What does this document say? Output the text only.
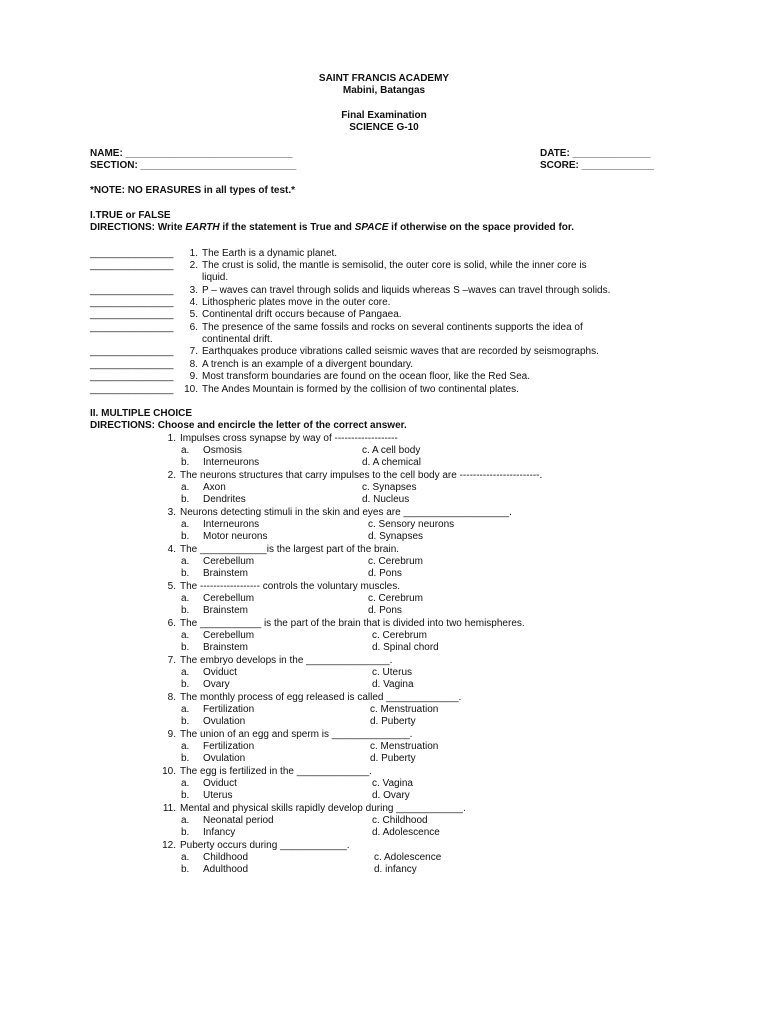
SAINT FRANCIS ACADEMY
Mabini, Batangas
Final Examination
SCIENCE G-10
NAME: ______________________________	DATE: ______________
SECTION: ____________________________	SCORE: _____________
*NOTE: NO ERASURES in all types of test.*
I.TRUE or FALSE
DIRECTIONS: Write EARTH if the statement is True and SPACE if otherwise on the space provided for.
_______________ 1. The Earth is a dynamic planet.
_______________ 2. The crust is solid, the mantle is semisolid, the outer core is solid, while the inner core is
liquid.
_______________ 3. P – waves can travel through solids and liquids whereas S –waves can travel through solids.
_______________ 4. Lithospheric plates move in the outer core.
_______________ 5. Continental drift occurs because of Pangaea.
_______________ 6. The presence of the same fossils and rocks on several continents supports the idea of
continental drift.
_______________ 7. Earthquakes produce vibrations called seismic waves that are recorded by seismographs.
_______________ 8. A trench is an example of a divergent boundary.
_______________ 9. Most transform boundaries are found on the ocean floor, like the Red Sea.
_______________ 10. The Andes Mountain is formed by the collision of two continental plates.
II. MULTIPLE CHOICE
DIRECTIONS: Choose and encircle the letter of the correct answer.
1. Impulses cross synapse by way of -------------------
a. Osmosis
b. Interneurons
c. A cell body
d. A chemical
2. The neurons structures that carry impulses to the cell body are ------------------------.
a. Axon
b. Dendrites
c. Synapses
d. Nucleus
3. Neurons detecting stimuli in the skin and eyes are ___________________.
a. Interneurons
b. Motor neurons
c. Sensory neurons
d. Synapses
4. The ____________is the largest part of the brain.
a. Cerebellum
b. Brainstem
c. Cerebrum
d. Pons
5. The ------------------ controls the voluntary muscles.
a. Cerebellum
b. Brainstem
c. Cerebrum
d. Pons
6. The ___________ is the part of the brain that is divided into two hemispheres.
a. Cerebellum
b. Brainstem
c. Cerebrum
d. Spinal chord
7. The embryo develops in the _______________.
a. Oviduct
b. Ovary
c. Uterus
d. Vagina
8. The monthly process of egg released is called _____________.
a. Fertilization
b. Ovulation
c. Menstruation
d. Puberty
9. The union of an egg and sperm is ______________.
a. Fertilization
b. Ovulation
c. Menstruation
d. Puberty
10. The egg is fertilized in the _____________.
a. Oviduct
b. Uterus
c. Vagina
d. Ovary
11. Mental and physical skills rapidly develop during ____________.
a. Neonatal period
b. Infancy
c. Childhood
d. Adolescence
12. Puberty occurs during ____________.
a. Childhood
b. Adulthood
c. Adolescence
d. infancy
